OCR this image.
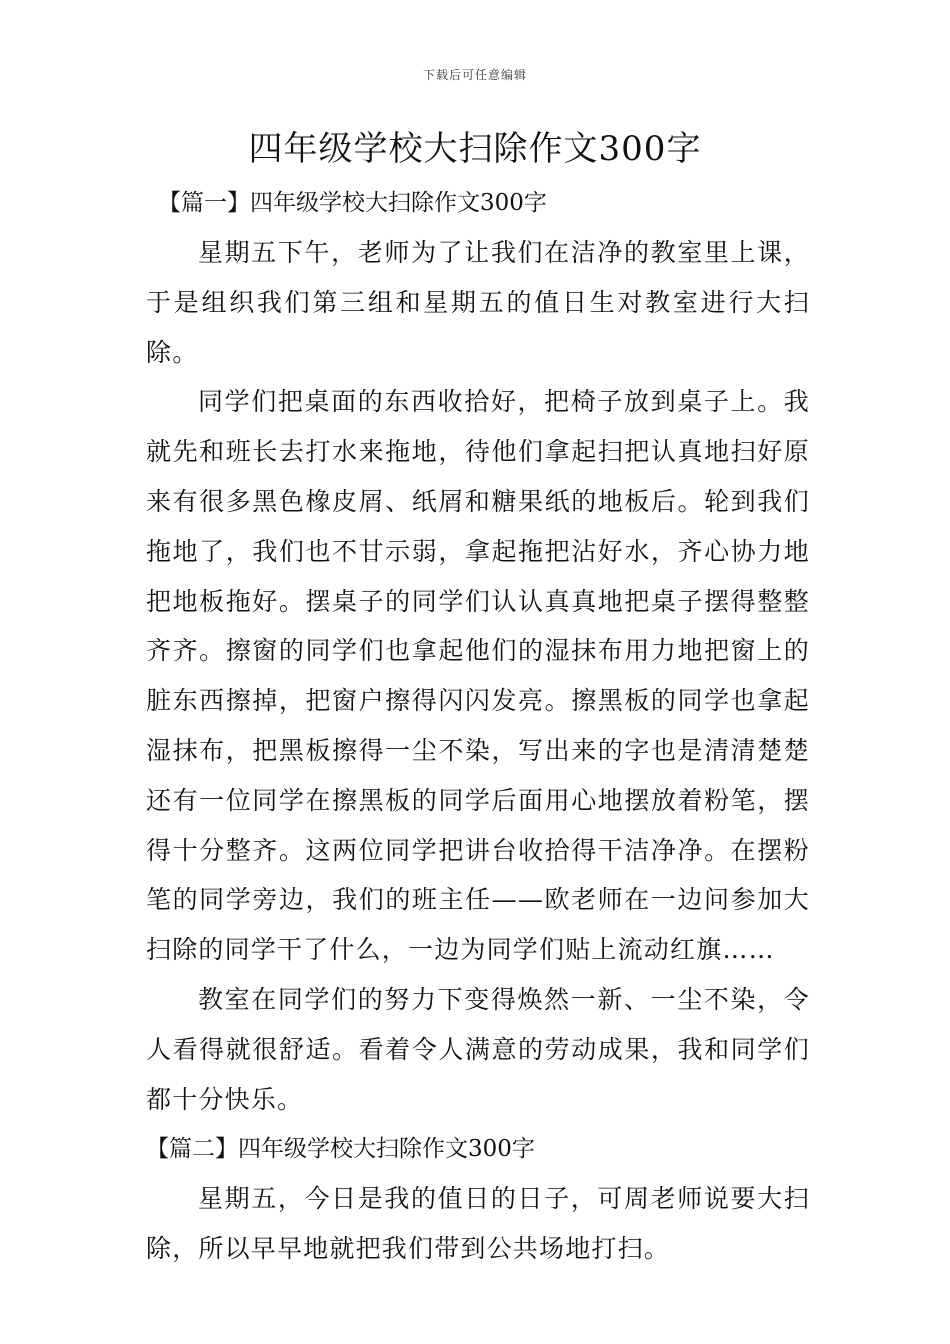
下载后可任意编辑
四年级学校大扫除作文300字

【篇一】四年级学校大扫除作文300字

星期五下午，老师为了让我们在洁净的教室里上课，于是组织我们第三组和星期五的值日生对教室进行大扫除。

同学们把桌面的东西收拾好，把椅子放到桌子上。我就先和班长去打水来拖地，待他们拿起扫把认真地扫好原来有很多黑色橡皮屑、纸屑和糖果纸的地板后。轮到我们拖地了，我们也不甘示弱，拿起拖把沾好水，齐心协力地把地板拖好。摆桌子的同学们认认真真地把桌子摆得整整齐齐。擦窗的同学们也拿起他们的湿抹布用力地把窗上的脏东西擦掉，把窗户擦得闪闪发亮。擦黑板的同学也拿起湿抹布，把黑板擦得一尘不染，写出来的字也是清清楚楚还有一位同学在擦黑板的同学后面用心地摆放着粉笔，摆得十分整齐。这两位同学把讲台收拾得干洁净净。在摆粉笔的同学旁边，我们的班主任——欧老师在一边问参加大扫除的同学干了什么，一边为同学们贴上流动红旗……

教室在同学们的努力下变得焕然一新、一尘不染，令人看得就很舒适。看着令人满意的劳动成果，我和同学们都十分快乐。

【篇二】四年级学校大扫除作文300字

星期五，今日是我的值日的日子，可周老师说要大扫除，所以早早地就把我们带到公共场地打扫。
